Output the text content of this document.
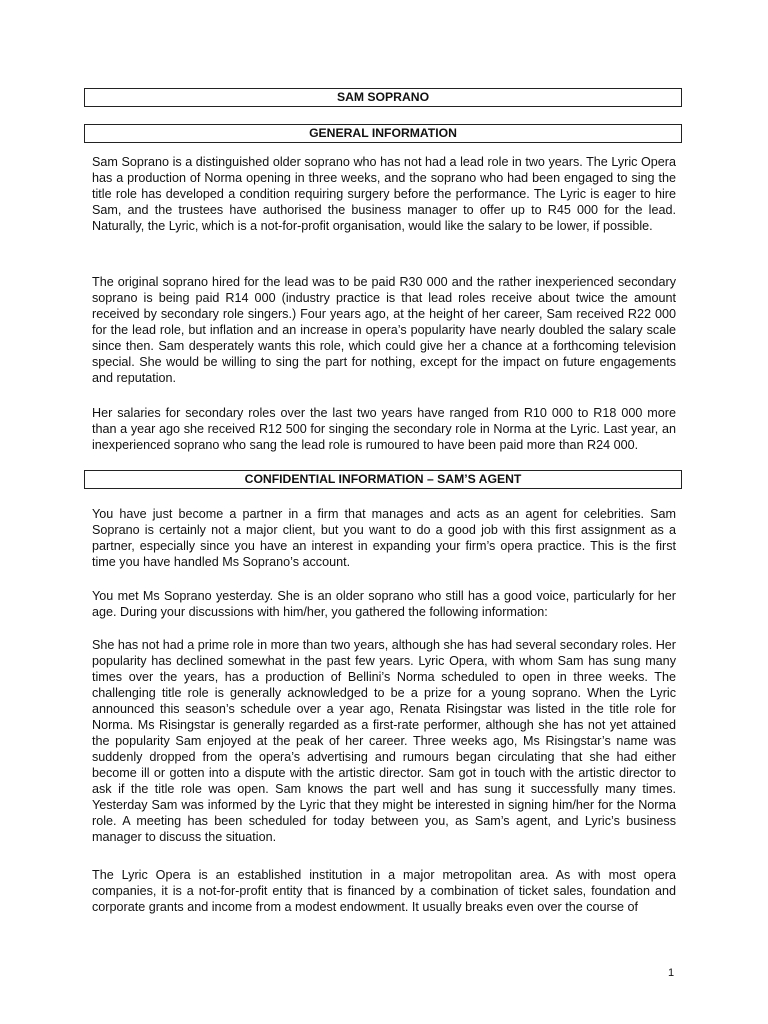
SAM SOPRANO
GENERAL INFORMATION

Sam Soprano is a distinguished older soprano who has not had a lead role in two years. The Lyric Opera has a production of Norma opening in three weeks, and the soprano who had been engaged to sing the title role has developed a condition requiring surgery before the performance. The Lyric is eager to hire Sam, and the trustees have authorised the business manager to offer up to R45 000 for the lead. Naturally, the Lyric, which is a not-for-profit organisation, would like the salary to be lower, if possible.

The original soprano hired for the lead was to be paid R30 000 and the rather inexperienced secondary soprano is being paid R14 000 (industry practice is that lead roles receive about twice the amount received by secondary role singers.) Four years ago, at the height of her career, Sam received R22 000 for the lead role, but inflation and an increase in opera’s popularity have nearly doubled the salary scale since then. Sam desperately wants this role, which could give her a chance at a forthcoming television special. She would be willing to sing the part for nothing, except for the impact on future engagements and reputation.

Her salaries for secondary roles over the last two years have ranged from R10 000 to R18 000 more than a year ago she received R12 500 for singing the secondary role in Norma at the Lyric. Last year, an inexperienced soprano who sang the lead role is rumoured to have been paid more than R24 000.

CONFIDENTIAL INFORMATION – SAM’S AGENT

You have just become a partner in a firm that manages and acts as an agent for celebrities. Sam Soprano is certainly not a major client, but you want to do a good job with this first assignment as a partner, especially since you have an interest in expanding your firm’s opera practice. This is the first time you have handled Ms Soprano’s account.

You met Ms Soprano yesterday. She is an older soprano who still has a good voice, particularly for her age. During your discussions with him/her, you gathered the following information:

She has not had a prime role in more than two years, although she has had several secondary roles. Her popularity has declined somewhat in the past few years. Lyric Opera, with whom Sam has sung many times over the years, has a production of Bellini’s Norma scheduled to open in three weeks. The challenging title role is generally acknowledged to be a prize for a young soprano. When the Lyric announced this season’s schedule over a year ago, Renata Risingstar was listed in the title role for Norma. Ms Risingstar is generally regarded as a first-rate performer, although she has not yet attained the popularity Sam enjoyed at the peak of her career. Three weeks ago, Ms Risingstar’s name was suddenly dropped from the opera’s advertising and rumours began circulating that she had either become ill or gotten into a dispute with the artistic director. Sam got in touch with the artistic director to ask if the title role was open. Sam knows the part well and has sung it successfully many times. Yesterday Sam was informed by the Lyric that they might be interested in signing him/her for the Norma role. A meeting has been scheduled for today between you, as Sam’s agent, and Lyric’s business manager to discuss the situation.

The Lyric Opera is an established institution in a major metropolitan area. As with most opera companies, it is a not-for-profit entity that is financed by a combination of ticket sales, foundation and corporate grants and income from a modest endowment. It usually breaks even over the course of

1
